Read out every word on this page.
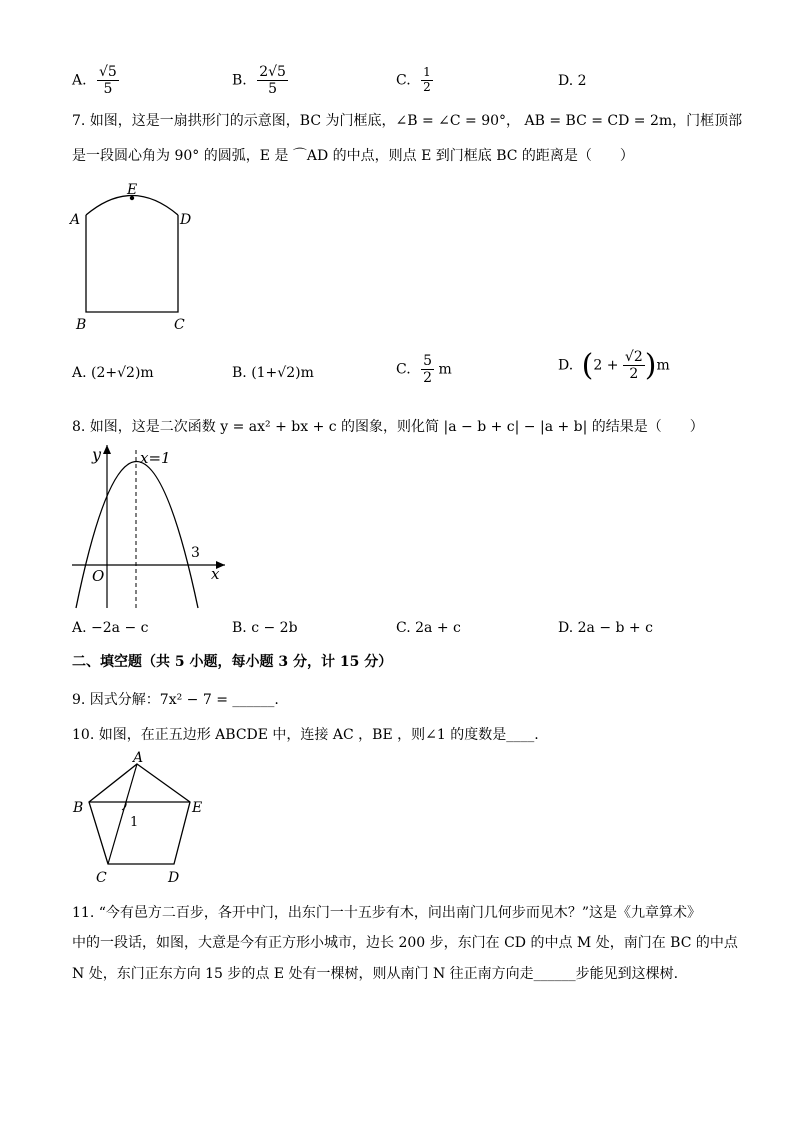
A. $\frac{√5}{5}$	B. $\frac{2√5}{5}$	C. $\frac{1}{2}$	D. 2
7. 如图，这是一扇拱形门的示意图，BC 为门框底，∠B = ∠C = 90°， AB = BC = CD = 2m，门框顶部
是一段圆心角为 90° 的圆弧，E 是 ⌒AD 的中点，则点 E 到门框底 BC 的距离是（　　）
A	D
E
B	C
A. (2+√2)m	B. (1+√2)m	C. $\frac{5}{2}$ m	D. $(2 + \frac{√2}{2} )m$
8. 如图，这是二次函数 y = ax² + bx + c 的图象，则化简 |a − b + c| − |a + b| 的结果是（　　）
y
x
O
3
x=1
A. −2a − c	B. c − 2b	C. 2a + c	D. 2a − b + c
二、填空题（共 5 小题，每小题 3 分，计 15 分）
9. 因式分解：7x² − 7 = ______.
10. 如图，在正五边形 ABCDE 中，连接 AC ，BE ，则∠1 的度数是____.
A
B	E
C	D
1
11. “今有邑方二百步，各开中门，出东门一十五步有木，问出南门几何步而见木？”这是《九章算术》
中的一段话，如图，大意是今有正方形小城市，边长 200 步，东门在 CD 的中点 M 处，南门在 BC 的中点
N 处，东门正东方向 15 步的点 E 处有一棵树，则从南门 N 往正南方向走______步能见到这棵树.
